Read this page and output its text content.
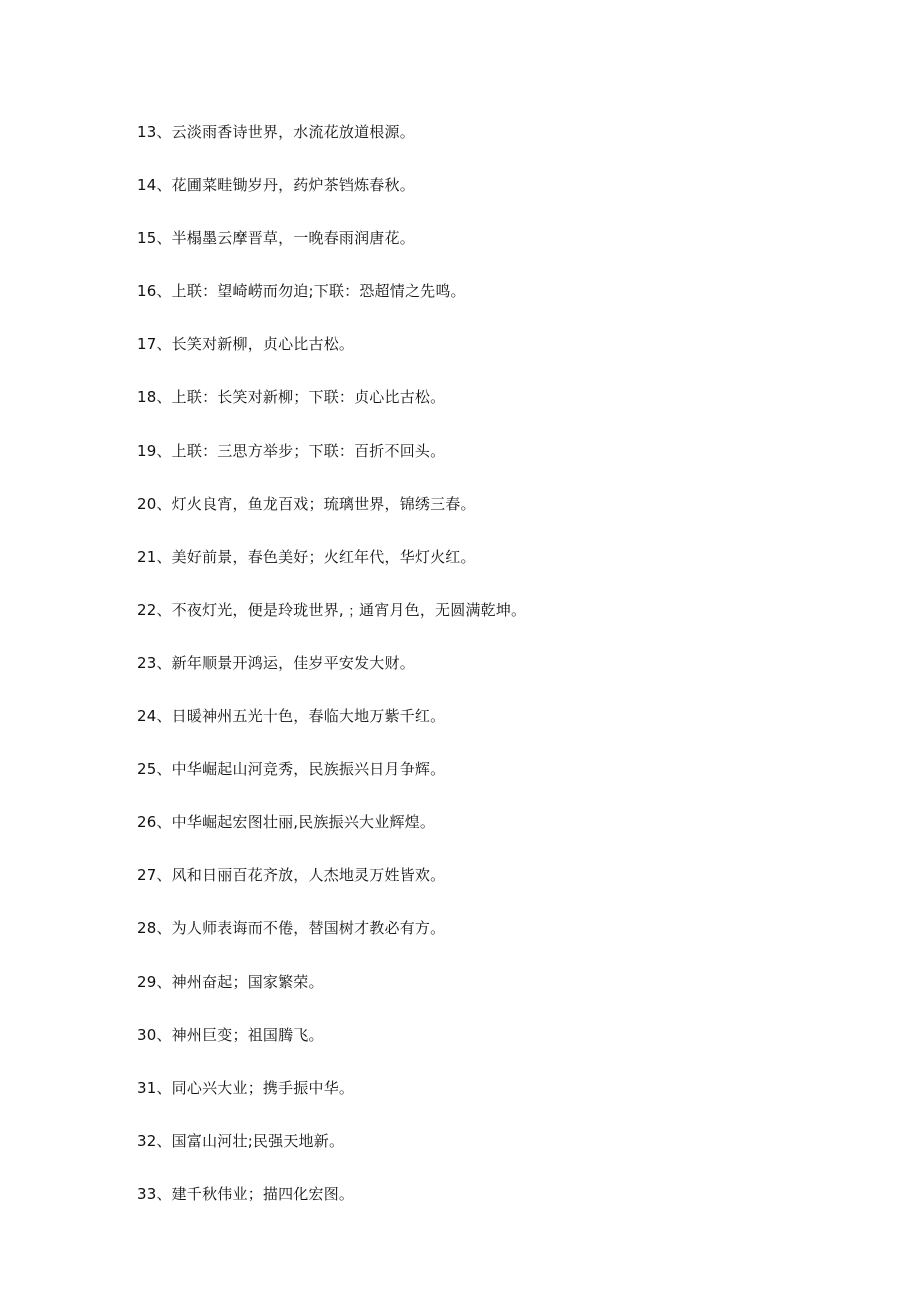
13、云淡雨香诗世界，水流花放道根源。
14、花圃菜畦锄岁丹，药炉茶铛炼春秋。
15、半榻墨云摩晋草，一晚春雨润唐花。
16、上联：望崎崂而勿迫;下联：恐超情之先鸣。
17、长笑对新柳，贞心比古松。
18、上联：长笑对新柳；下联：贞心比古松。
19、上联：三思方举步；下联：百折不回头。
20、灯火良宵，鱼龙百戏；琉璃世界，锦绣三春。
21、美好前景，春色美好；火红年代，华灯火红。
22、不夜灯光，便是玲珑世界,﹔通宵月色，无圆满乾坤。
23、新年顺景开鸿运，佳岁平安发大财。
24、日暖神州五光十色，春临大地万紫千红。
25、中华崛起山河竞秀，民族振兴日月争辉。
26、中华崛起宏图壮丽,民族振兴大业辉煌。
27、风和日丽百花齐放，人杰地灵万姓皆欢。
28、为人师表诲而不倦，替国树才教必有方。
29、神州奋起；国家繁荣。
30、神州巨变；祖国腾飞。
31、同心兴大业；携手振中华。
32、国富山河壮;民强天地新。
33、建千秋伟业；描四化宏图。
